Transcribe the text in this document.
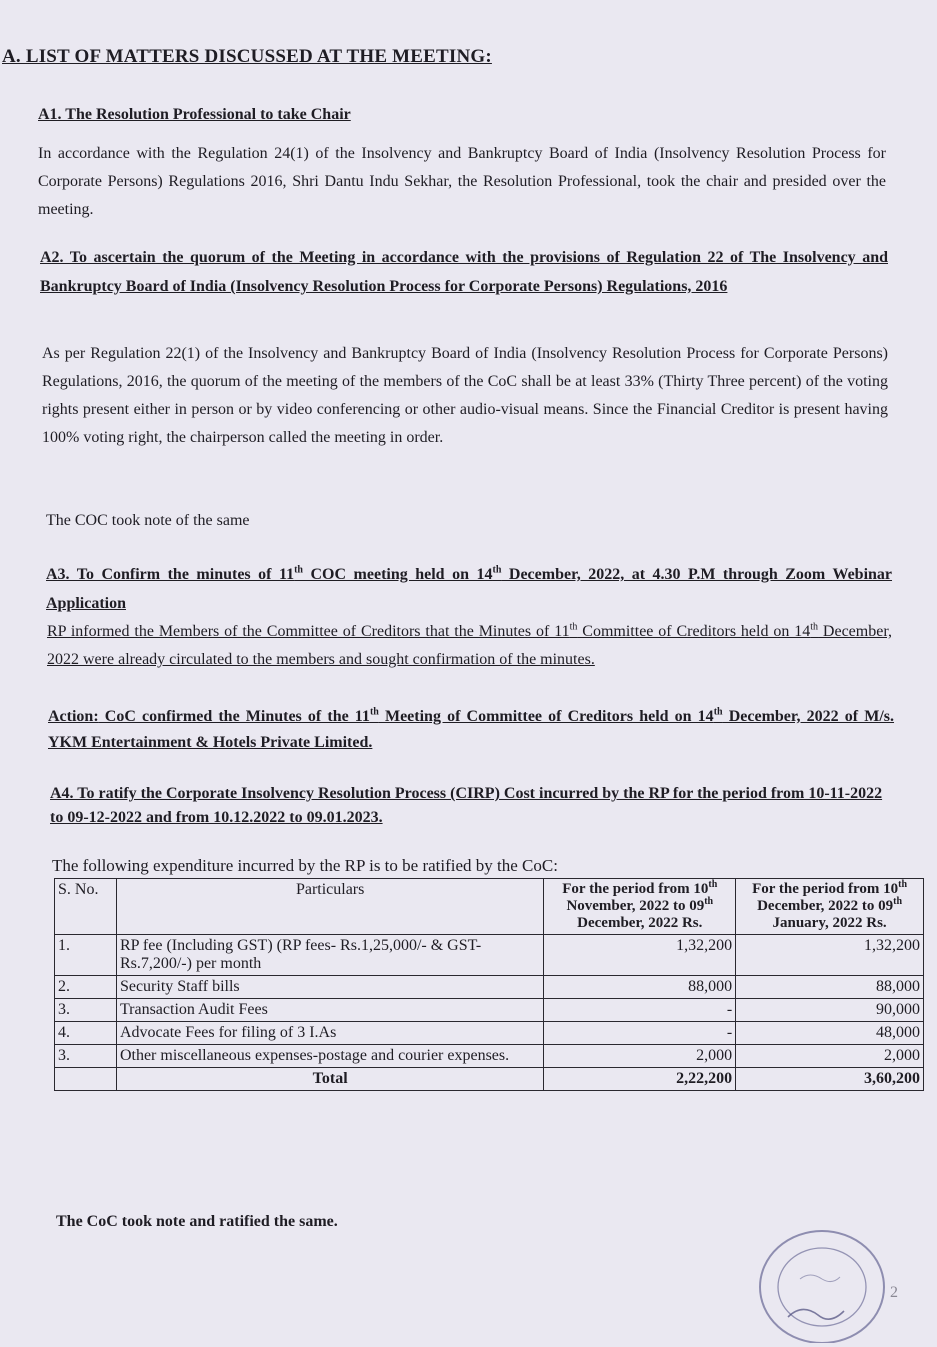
A. LIST OF MATTERS DISCUSSED AT THE MEETING:
A1. The Resolution Professional to take Chair

In accordance with the Regulation 24(1) of the Insolvency and Bankruptcy Board of India (Insolvency Resolution Process for Corporate Persons) Regulations 2016, Shri Dantu Indu Sekhar, the Resolution Professional, took the chair and presided over the meeting.

A2. To ascertain the quorum of the Meeting in accordance with the provisions of Regulation 22 of The Insolvency and Bankruptcy Board of India (Insolvency Resolution Process for Corporate Persons) Regulations, 2016

As per Regulation 22(1) of the Insolvency and Bankruptcy Board of India (Insolvency Resolution Process for Corporate Persons) Regulations, 2016, the quorum of the meeting of the members of the CoC shall be at least 33% (Thirty Three percent) of the voting rights present either in person or by video conferencing or other audio-visual means. Since the Financial Creditor is present having 100% voting right, the chairperson called the meeting in order.

The COC took note of the same

A3. To Confirm the minutes of 11th COC meeting held on 14th December, 2022, at 4.30 P.M through Zoom Webinar Application

RP informed the Members of the Committee of Creditors that the Minutes of 11th Committee of Creditors held on 14th December, 2022 were already circulated to the members and sought confirmation of the minutes.

Action: CoC confirmed the Minutes of the 11th Meeting of Committee of Creditors held on 14th December, 2022 of M/s. YKM Entertainment & Hotels Private Limited.

A4. To ratify the Corporate Insolvency Resolution Process (CIRP) Cost incurred by the RP for the period from 10-11-2022 to 09-12-2022 and from 10.12.2022 to 09.01.2023.

The following expenditure incurred by the RP is to be ratified by the CoC:

S. No.	Particulars	For the period from 10th November, 2022 to 09th December, 2022 Rs.	For the period from 10th December, 2022 to 09th January, 2022 Rs.
1.	RP fee (Including GST) (RP fees- Rs.1,25,000/- & GST- Rs.7,200/-) per month	1,32,200	1,32,200
2.	Security Staff bills	88,000	88,000
3.	Transaction Audit Fees	-	90,000
4.	Advocate Fees for filing of 3 I.As	-	48,000
3.	Other miscellaneous expenses-postage and courier expenses.	2,000	2,000
	Total	2,22,200	3,60,200

The CoC took note and ratified the same.

2
